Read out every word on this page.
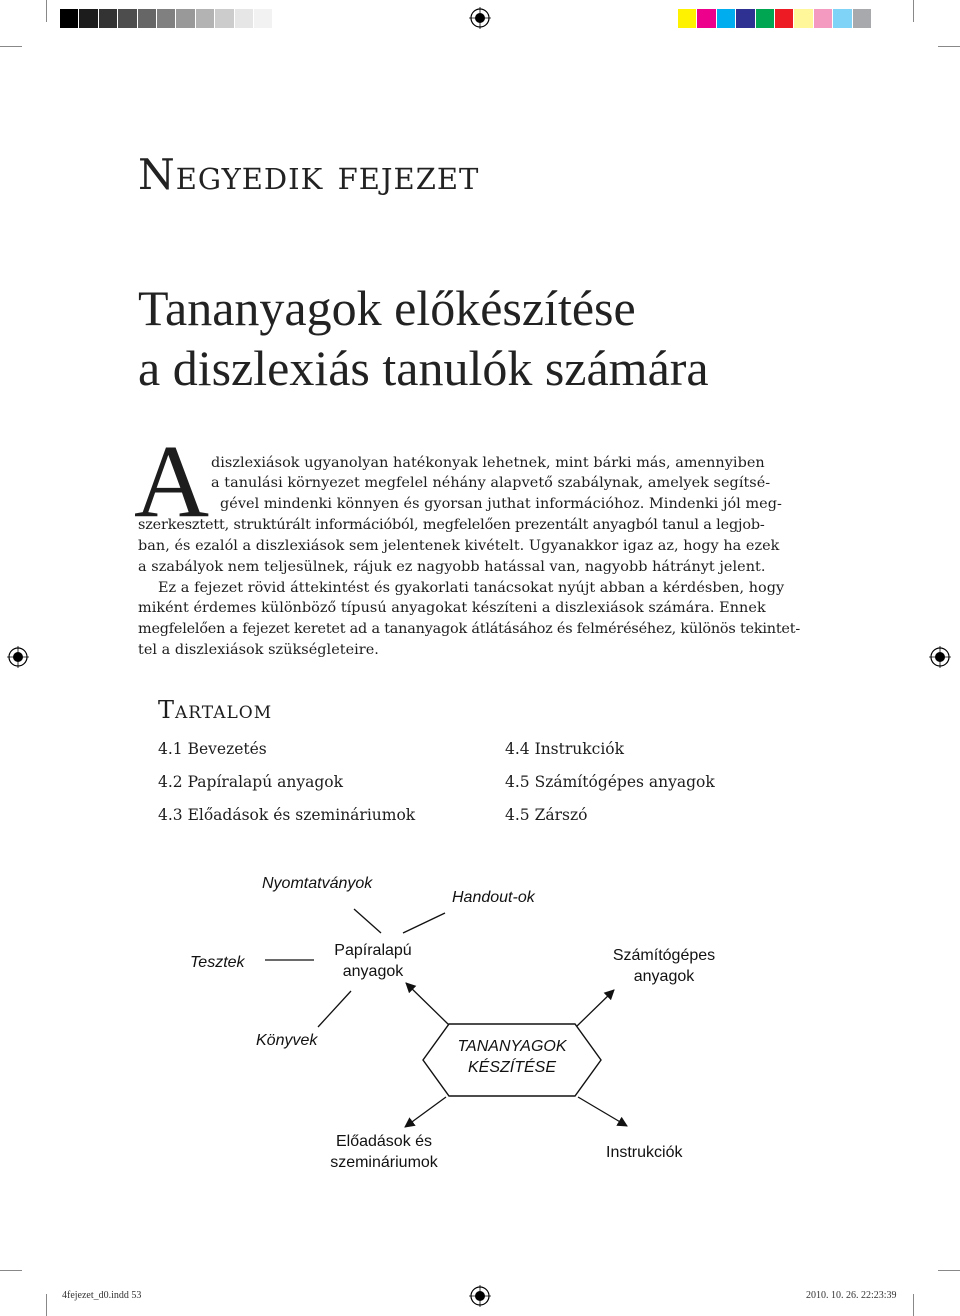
Negyedik fejezet
Tananyagok előkészítése
a diszlexiás tanulók számára
A diszlexiások ugyanolyan hatékonyak lehetnek, mint bárki más, amennyiben
a tanulási környezet megfelel néhány alapvető szabálynak, amelyek segítsé-
gével mindenki könnyen és gyorsan juthat információhoz. Mindenki jól meg-
szerkesztett, struktúrált információból, megfelelően prezentált anyagból tanul a legjob-
ban, és ezalól a diszlexiások sem jelentenek kivételt. Ugyanakkor igaz az, hogy ha ezek
a szabályok nem teljesülnek, rájuk ez nagyobb hatással van, nagyobb hátrányt jelent.
Ez a fejezet rövid áttekintést és gyakorlati tanácsokat nyújt abban a kérdésben, hogy
miként érdemes különböző típusú anyagokat készíteni a diszlexiások számára. Ennek
megfelelően a fejezet keretet ad a tananyagok átlátásához és felméréséhez, különös tekintet-
tel a diszlexiások szükségleteire.
Tartalom
4.1 Bevezetés
4.2 Papíralapú anyagok
4.3 Előadások és szemináriumok
4.4 Instrukciók
4.5 Számítógépes anyagok
4.5 Zárszó
Nyomtatványok
Handout-ok
Tesztek
Papíralapú
anyagok
Számítógépes
anyagok
Könyvek	TANANYAGOK
KÉSZÍTÉSE
Előadások és
szemináriumok
Instrukciók
4fejezet_d0.indd 53	2010. 10. 26. 22:23:39
